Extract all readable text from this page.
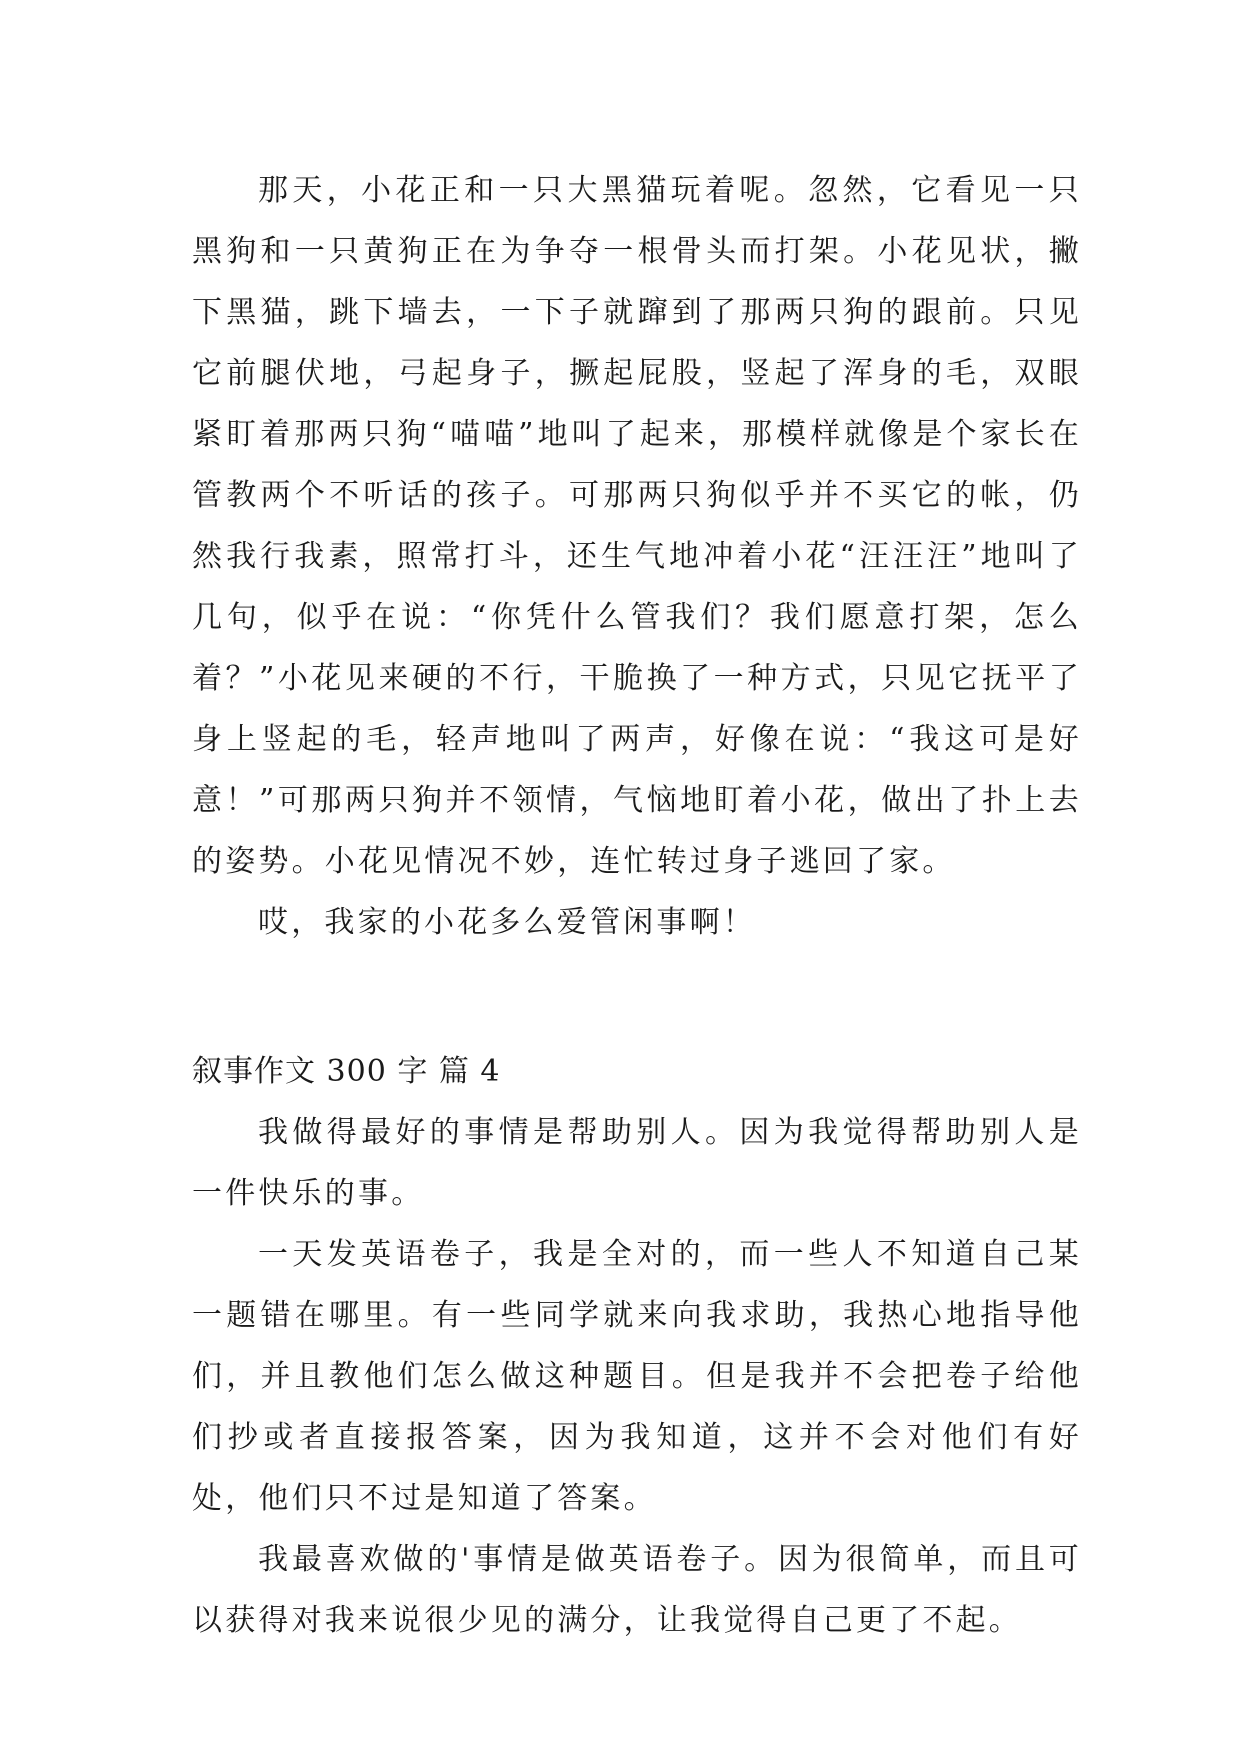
那天，小花正和一只大黑猫玩着呢。忽然，它看见一只黑狗和一只黄狗正在为争夺一根骨头而打架。小花见状，撇下黑猫，跳下墙去，一下子就蹿到了那两只狗的跟前。只见它前腿伏地，弓起身子，撅起屁股，竖起了浑身的毛，双眼紧盯着那两只狗“喵喵”地叫了起来，那模样就像是个家长在管教两个不听话的孩子。可那两只狗似乎并不买它的帐，仍然我行我素，照常打斗，还生气地冲着小花“汪汪汪”地叫了几句，似乎在说：“你凭什么管我们？我们愿意打架，怎么着？”小花见来硬的不行，干脆换了一种方式，只见它抚平了身上竖起的毛，轻声地叫了两声，好像在说：“我这可是好意！”可那两只狗并不领情，气恼地盯着小花，做出了扑上去的姿势。小花见情况不妙，连忙转过身子逃回了家。

哎，我家的小花多么爱管闲事啊！

叙事作文 300 字 篇 4

我做得最好的事情是帮助别人。因为我觉得帮助别人是一件快乐的事。

一天发英语卷子，我是全对的，而一些人不知道自己某一题错在哪里。有一些同学就来向我求助，我热心地指导他们，并且教他们怎么做这种题目。但是我并不会把卷子给他们抄或者直接报答案，因为我知道，这并不会对他们有好处，他们只不过是知道了答案。

我最喜欢做的'事情是做英语卷子。因为很简单，而且可以获得对我来说很少见的满分，让我觉得自己更了不起。
